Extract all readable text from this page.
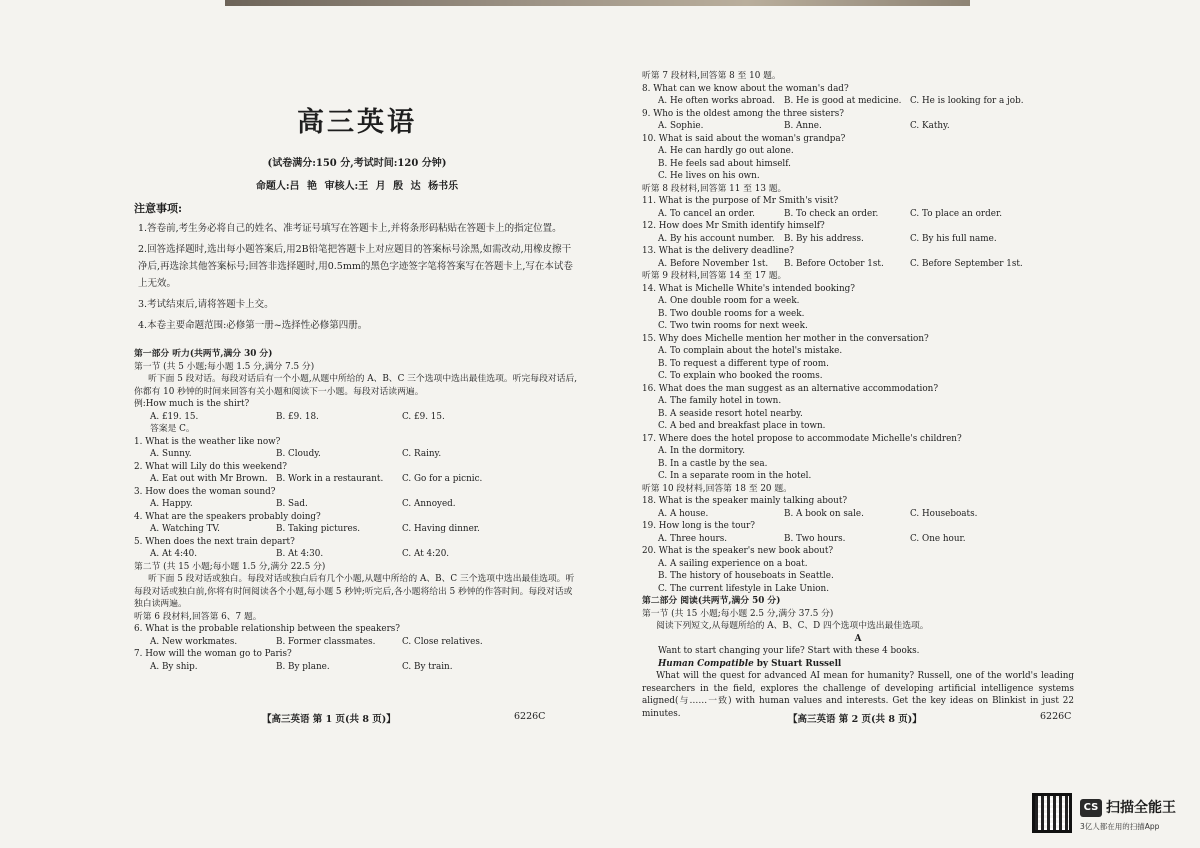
高三英语
(试卷满分:150 分,考试时间:120 分钟)
命题人:吕 艳 审核人:王 月 殷 达 杨书乐
注意事项:

1.答卷前,考生务必将自己的姓名、准考证号填写在答题卡上,并将条形码粘贴在答题卡上的指定位置。

2.回答选择题时,选出每小题答案后,用2B铅笔把答题卡上对应题目的答案标号涂黑,如需改动,用橡皮擦干净后,再选涂其他答案标号;回答非选择题时,用0.5mm的黑色字迹签字笔将答案写在答题卡上,写在本试卷上无效。

3.考试结束后,请将答题卡上交。

4.本卷主要命题范围:必修第一册~选择性必修第四册。

第一部分 听力(共两节,满分 30 分)
第一节 (共 5 小题;每小题 1.5 分,满分 7.5 分)
听下面 5 段对话。每段对话后有一个小题,从题中所给的 A、B、C 三个选项中选出最佳选项。听完每段对话后,你都有 10 秒钟的时间来回答有关小题和阅读下一小题。每段对话读两遍。
例:How much is the shirt?
A. £19. 15.	B. £9. 18.	C. £9. 15.
答案是 C。
1. What is the weather like now?
A. Sunny.	B. Cloudy.	C. Rainy.
2. What will Lily do this weekend?
A. Eat out with Mr Brown. B. Work in a restaurant.	C. Go for a picnic.
3. How does the woman sound?
A. Happy.	B. Sad.	C. Annoyed.
4. What are the speakers probably doing?
A. Watching TV.	B. Taking pictures.	C. Having dinner.
5. When does the next train depart?
A. At 4:40.	B. At 4:30.	C. At 4:20.
第二节 (共 15 小题;每小题 1.5 分,满分 22.5 分)
听下面 5 段对话或独白。每段对话或独白后有几个小题,从题中所给的 A、B、C 三个选项中选出最佳选项。听每段对话或独白前,你将有时间阅读各个小题,每小题 5 秒钟;听完后,各小题将给出 5 秒钟的作答时间。每段对话或独白读两遍。
听第 6 段材料,回答第 6、7 题。
6. What is the probable relationship between the speakers?
A. New workmates.	B. Former classmates.	C. Close relatives.
7. How will the woman go to Paris?
A. By ship.	B. By plane.	C. By train.
【高三英语 第 1 页(共 8 页)】	6226C
听第 7 段材料,回答第 8 至 10 题。
8. What can we know about the woman's dad?
A. He often works abroad.	B. He is good at medicine. C. He is looking for a job.
9. Who is the oldest among the three sisters?
A. Sophie.	B. Anne.	C. Kathy.
10. What is said about the woman's grandpa?
A. He can hardly go out alone.
B. He feels sad about himself.
C. He lives on his own.
听第 8 段材料,回答第 11 至 13 题。
11. What is the purpose of Mr Smith's visit?
A. To cancel an order.	B. To check an order.	C. To place an order.
12. How does Mr Smith identify himself?
A. By his account number.	B. By his address.	C. By his full name.
13. What is the delivery deadline?
A. Before November 1st.	B. Before October 1st.	C. Before September 1st.
听第 9 段材料,回答第 14 至 17 题。
14. What is Michelle White's intended booking?
A. One double room for a week.
B. Two double rooms for a week.
C. Two twin rooms for next week.
15. Why does Michelle mention her mother in the conversation?
A. To complain about the hotel's mistake.
B. To request a different type of room.
C. To explain who booked the rooms.
16. What does the man suggest as an alternative accommodation?
A. The family hotel in town.
B. A seaside resort hotel nearby.
C. A bed and breakfast place in town.
17. Where does the hotel propose to accommodate Michelle's children?
A. In the dormitory.
B. In a castle by the sea.
C. In a separate room in the hotel.
听第 10 段材料,回答第 18 至 20 题。
18. What is the speaker mainly talking about?
A. A house.	B. A book on sale.	C. Houseboats.
19. How long is the tour?
A. Three hours.	B. Two hours.	C. One hour.
20. What is the speaker's new book about?
A. A sailing experience on a boat.
B. The history of houseboats in Seattle.
C. The current lifestyle in Lake Union.
第二部分 阅读(共两节,满分 50 分)
第一节 (共 15 小题;每小题 2.5 分,满分 37.5 分)
阅读下列短文,从每题所给的 A、B、C、D 四个选项中选出最佳选项。
A
Want to start changing your life? Start with these 4 books.
Human Compatible by Stuart Russell
What will the quest for advanced AI mean for humanity? Russell, one of the world's leading researchers in the field, explores the challenge of developing artificial intelligence systems aligned(与……一致) with human values and interests. Get the key ideas on Blinkist in just 22 minutes.
【高三英语 第 2 页(共 8 页)】	6226C
CS 扫描全能王
3亿人都在用的扫描App
